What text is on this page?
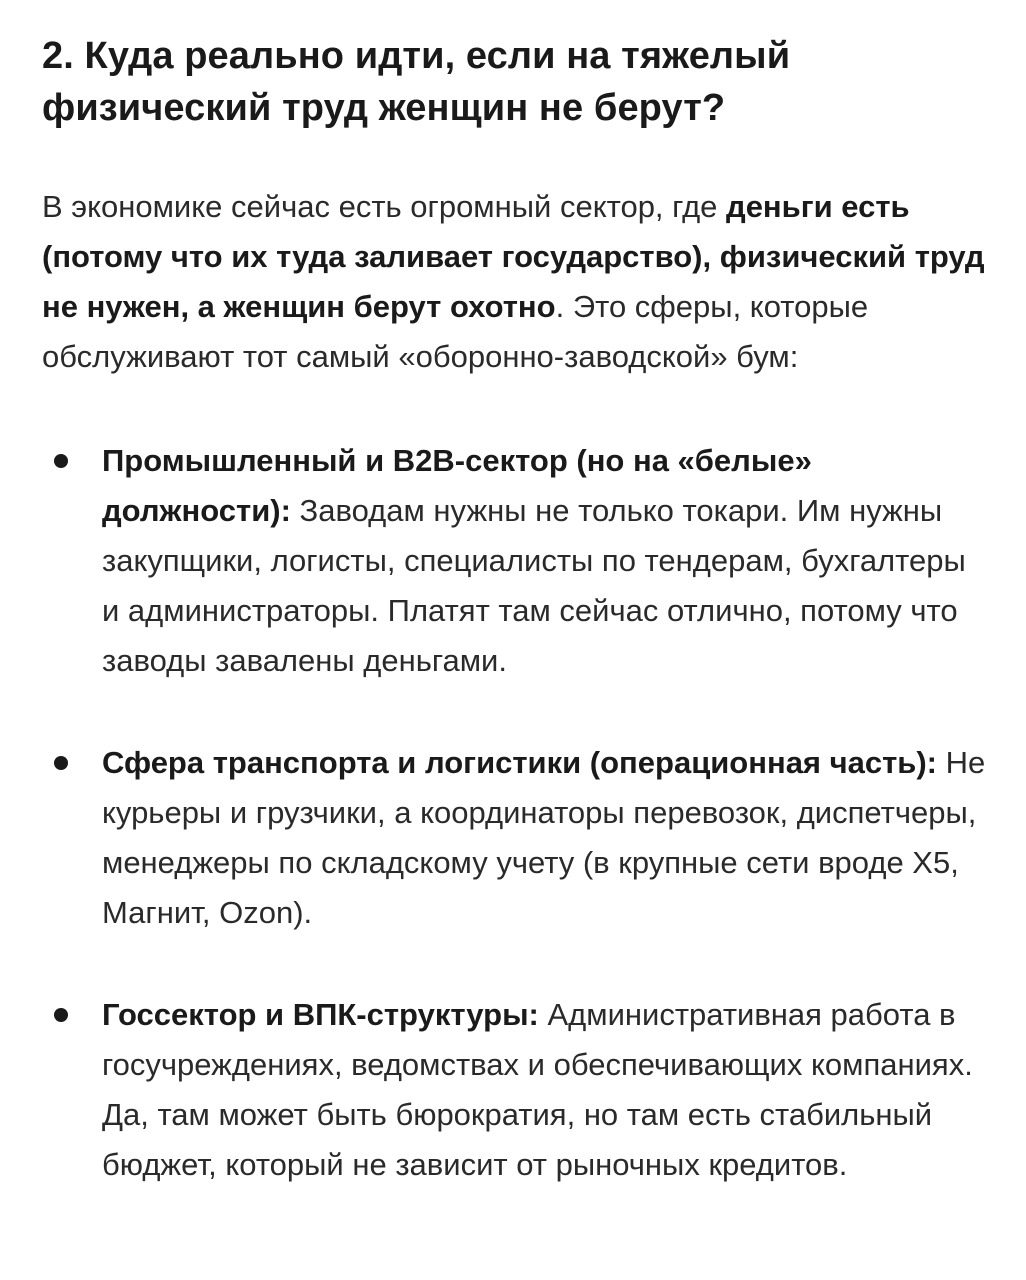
2. Куда реально идти, если на тяжелый физический труд женщин не берут?

В экономике сейчас есть огромный сектор, где деньги есть (потому что их туда заливает государство), физический труд не нужен, а женщин берут охотно. Это сферы, которые обслуживают тот самый «оборонно-заводской» бум:

Промышленный и B2B-сектор (но на «белые» должности): Заводам нужны не только токари. Им нужны закупщики, логисты, специалисты по тендерам, бухгалтеры и администраторы. Платят там сейчас отлично, потому что заводы завалены деньгами.
Сфера транспорта и логистики (операционная часть): Не курьеры и грузчики, а координаторы перевозок, диспетчеры, менеджеры по складскому учету (в крупные сети вроде X5, Магнит, Ozon).
Госсектор и ВПК-структуры: Административная работа в госучреждениях, ведомствах и обеспечивающих компаниях. Да, там может быть бюрократия, но там есть стабильный бюджет, который не зависит от рыночных кредитов.
